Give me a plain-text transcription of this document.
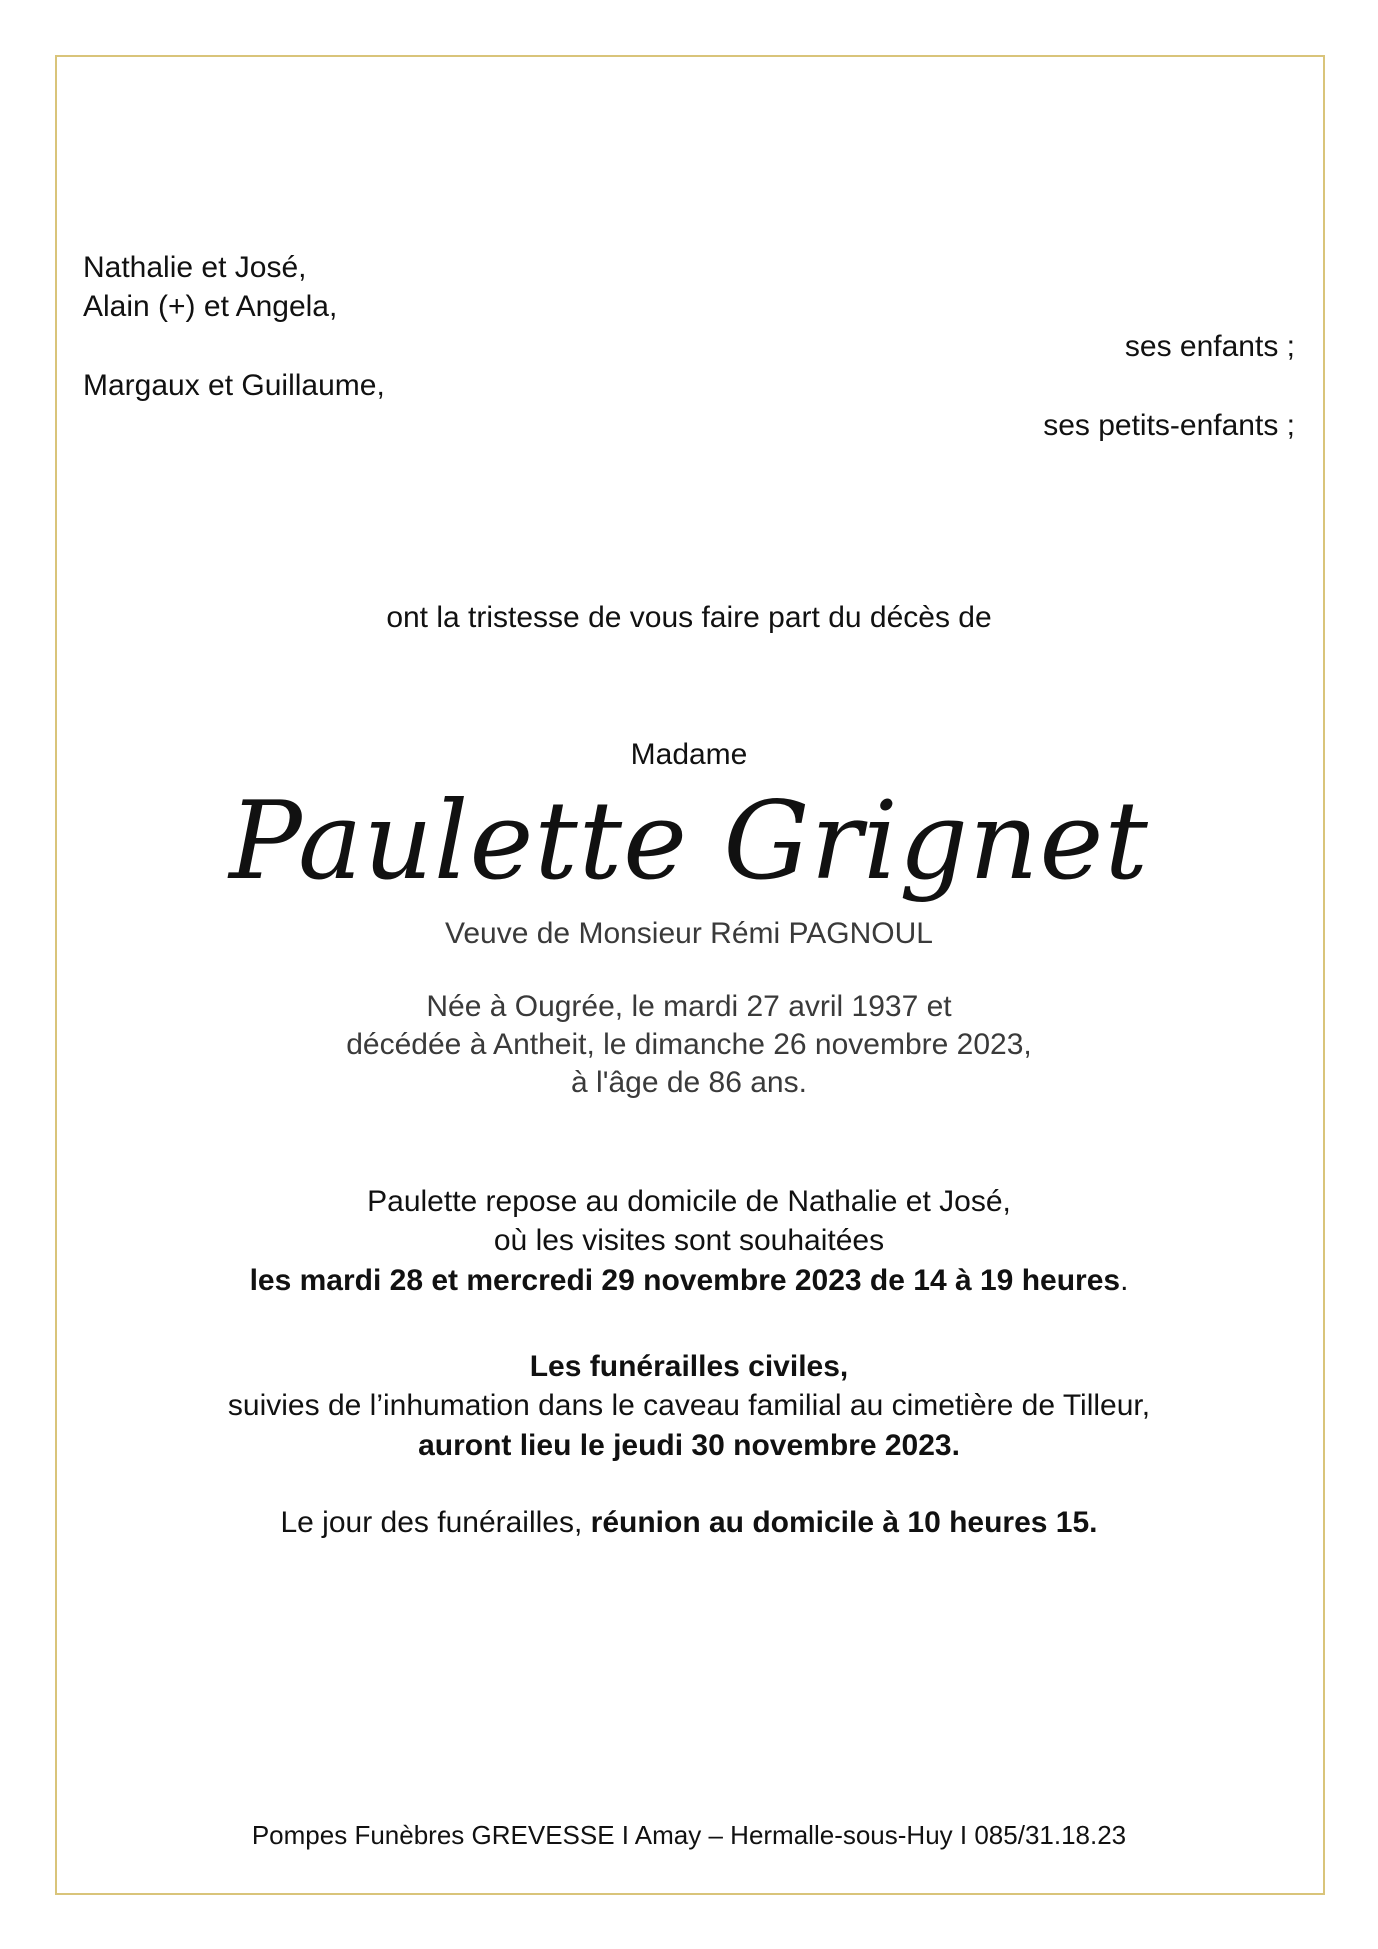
Nathalie et José,
Alain (+) et Angela,
ses enfants ;
Margaux et Guillaume,
ses petits-enfants ;
ont la tristesse de vous faire part du décès de
Madame
Paulette Grignet
Veuve de Monsieur Rémi PAGNOUL
Née à Ougrée, le mardi 27 avril 1937 et
décédée à Antheit, le dimanche 26 novembre 2023,
à l'âge de 86 ans.
Paulette repose au domicile de Nathalie et José,
où les visites sont souhaitées
les mardi 28 et mercredi 29 novembre 2023 de 14 à 19 heures.
Les funérailles civiles,
suivies de l’inhumation dans le caveau familial au cimetière de Tilleur,
auront lieu le jeudi 30 novembre 2023.
Le jour des funérailles, réunion au domicile à 10 heures 15.
Pompes Funèbres GREVESSE I Amay – Hermalle-sous-Huy I 085/31.18.23
